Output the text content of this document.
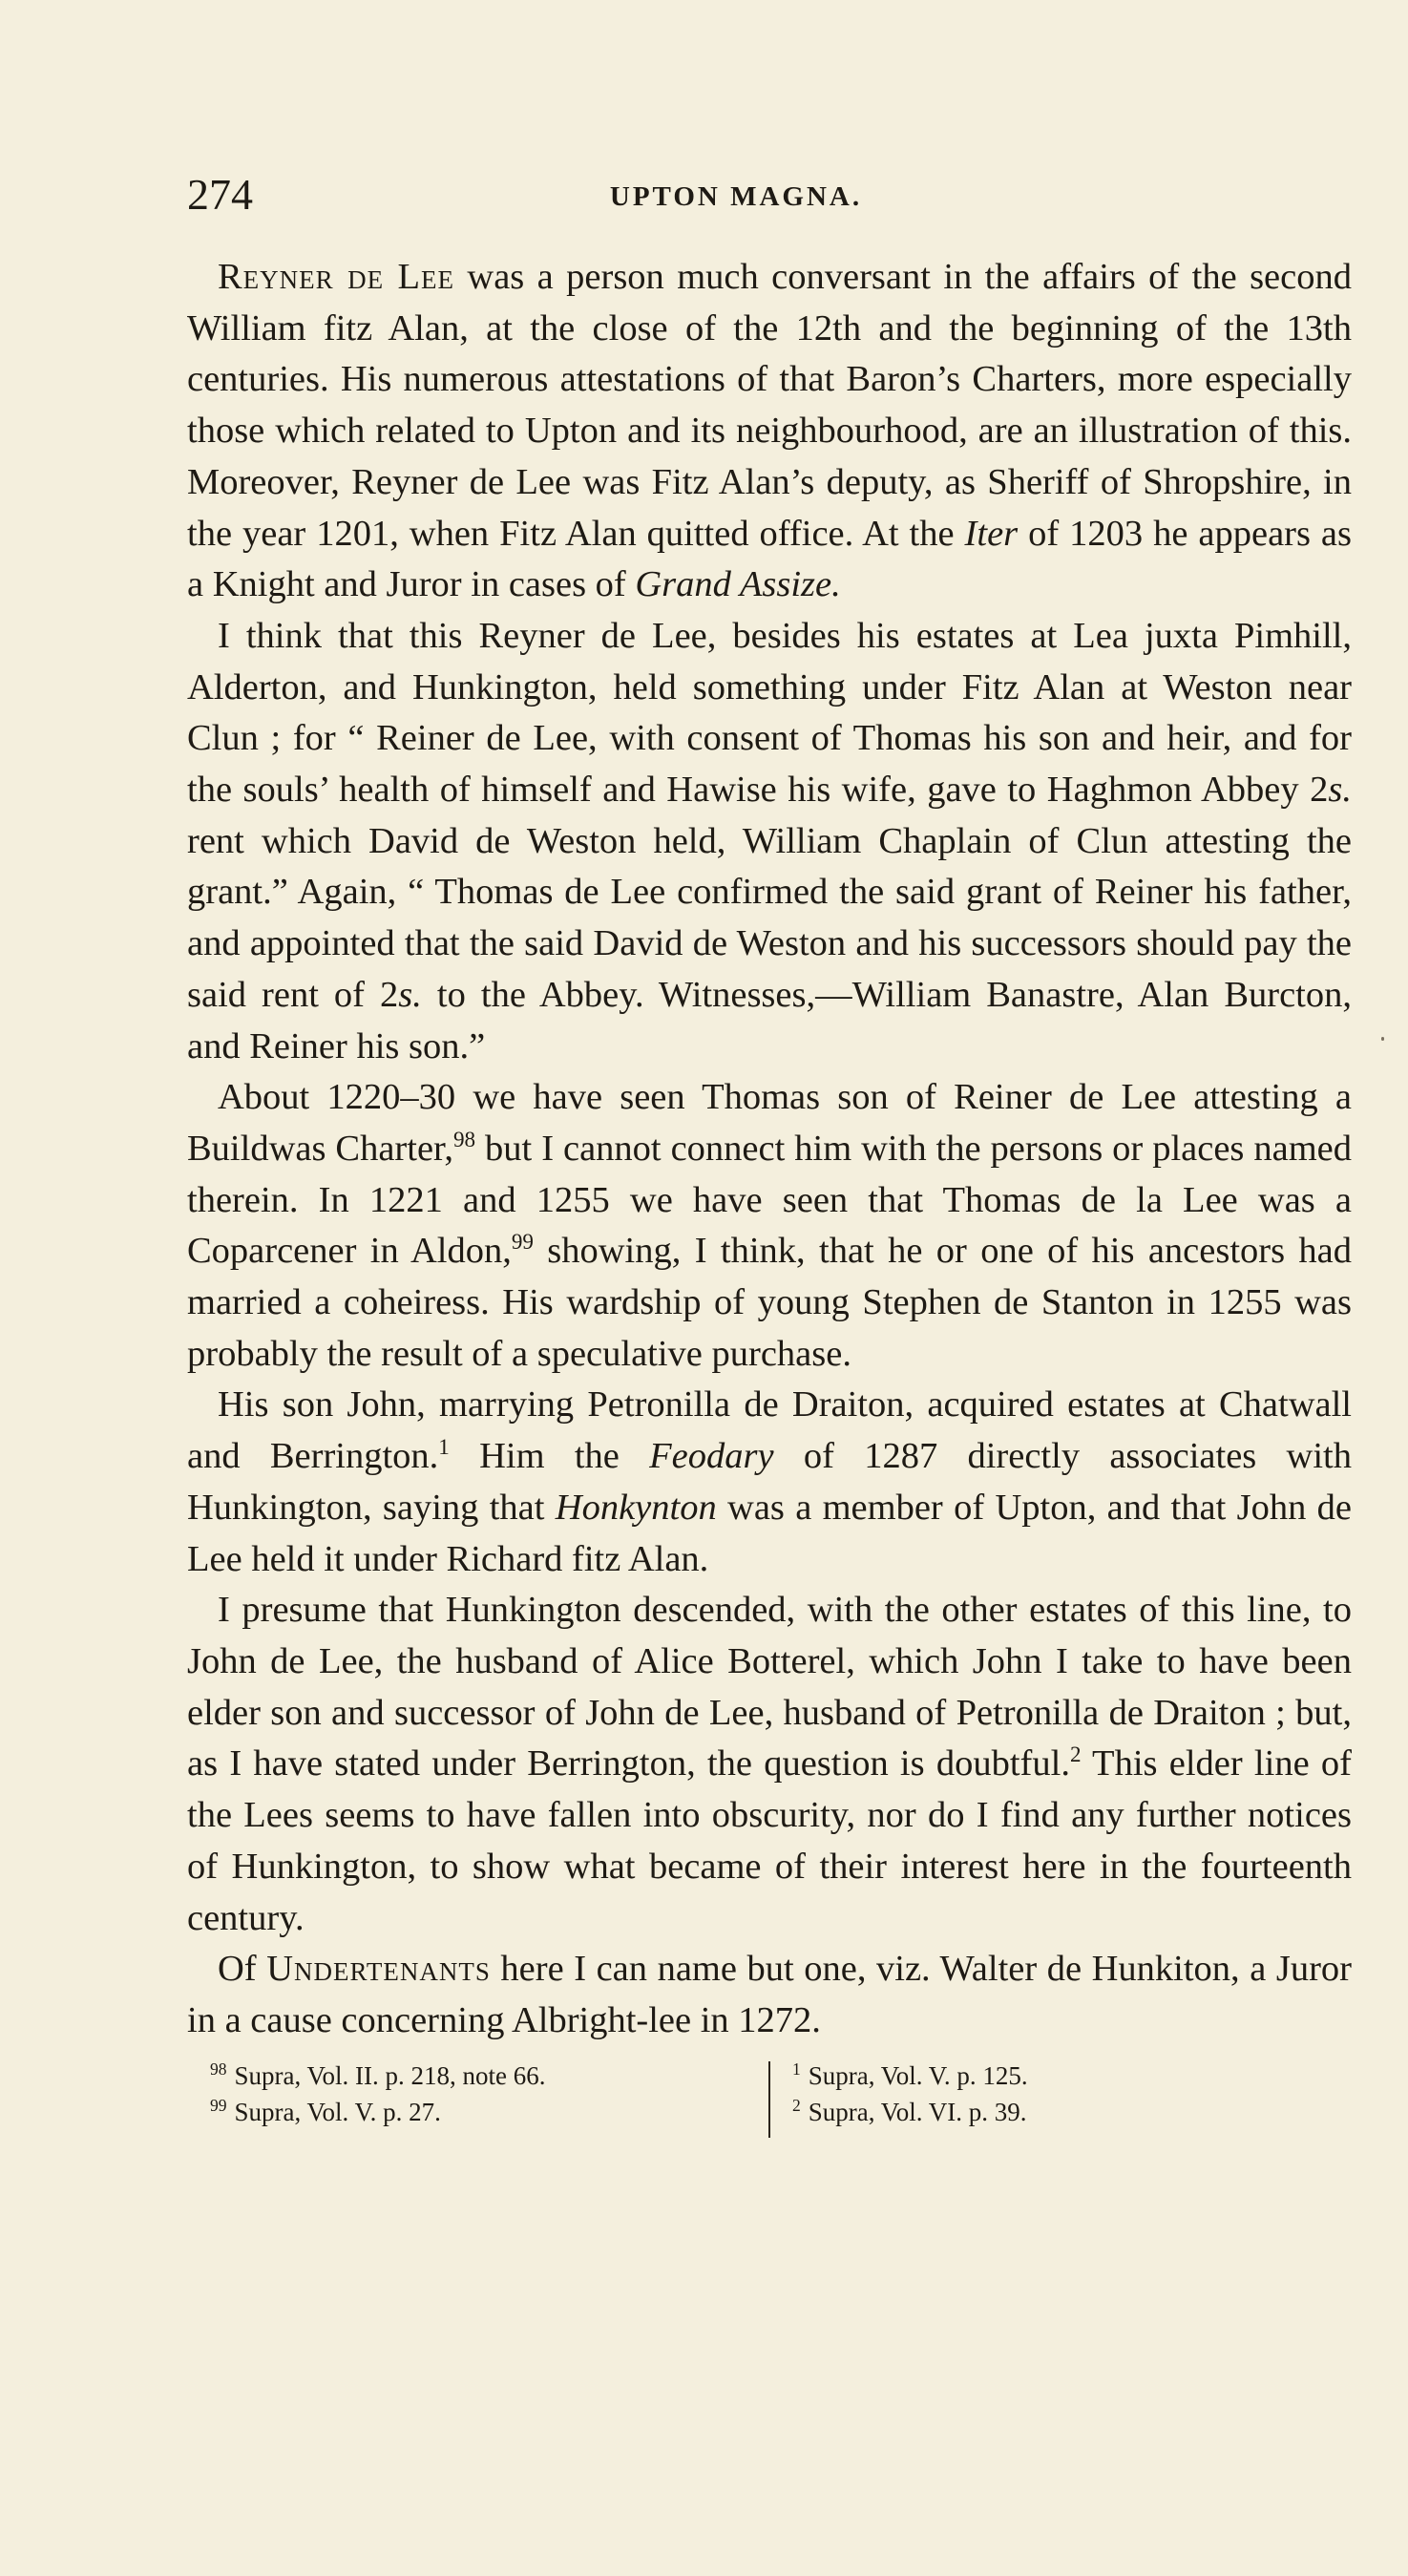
274	UPTON MAGNA.

Reyner de Lee was a person much conversant in the affairs of the second William fitz Alan, at the close of the 12th and the beginning of the 13th centuries. His numerous attestations of that Baron’s Charters, more especially those which related to Upton and its neighbourhood, are an illustration of this. Moreover, Reyner de Lee was Fitz Alan’s deputy, as Sheriff of Shropshire, in the year 1201, when Fitz Alan quitted office. At the Iter of 1203 he appears as a Knight and Juror in cases of Grand Assize.

I think that this Reyner de Lee, besides his estates at Lea juxta Pimhill, Alderton, and Hunkington, held something under Fitz Alan at Weston near Clun ; for “ Reiner de Lee, with consent of Thomas his son and heir, and for the souls’ health of himself and Hawise his wife, gave to Haghmon Abbey 2s. rent which David de Weston held, William Chaplain of Clun attesting the grant.” Again, “ Thomas de Lee confirmed the said grant of Reiner his father, and appointed that the said David de Weston and his successors should pay the said rent of 2s. to the Abbey. Witnesses,—William Banastre, Alan Burcton, and Reiner his son.”

About 1220–30 we have seen Thomas son of Reiner de Lee attesting a Buildwas Charter,$^{98}$ but I cannot connect him with the persons or places named therein. In 1221 and 1255 we have seen that Thomas de la Lee was a Coparcener in Aldon,$^{99}$ showing, I think, that he or one of his ancestors had married a coheiress. His wardship of young Stephen de Stanton in 1255 was probably the result of a speculative purchase.

His son John, marrying Petronilla de Draiton, acquired estates at Chatwall and Berrington.$^1$ Him the Feodary of 1287 directly associates with Hunkington, saying that Honkynton was a member of Upton, and that John de Lee held it under Richard fitz Alan.

I presume that Hunkington descended, with the other estates of this line, to John de Lee, the husband of Alice Botterel, which John I take to have been elder son and successor of John de Lee, husband of Petronilla de Draiton ; but, as I have stated under Berrington, the question is doubtful.$^2$ This elder line of the Lees seems to have fallen into obscurity, nor do I find any further notices of Hunkington, to show what became of their interest here in the fourteenth century.

Of Undertenants here I can name but one, viz. Walter de Hunkiton, a Juror in a cause concerning Albright-lee in 1272.

$^{98}$ Supra, Vol. II. p. 218, note 66.
$^{99}$ Supra, Vol. V. p. 27.
$^1$ Supra, Vol. V. p. 125.
$^2$ Supra, Vol. VI. p. 39.
